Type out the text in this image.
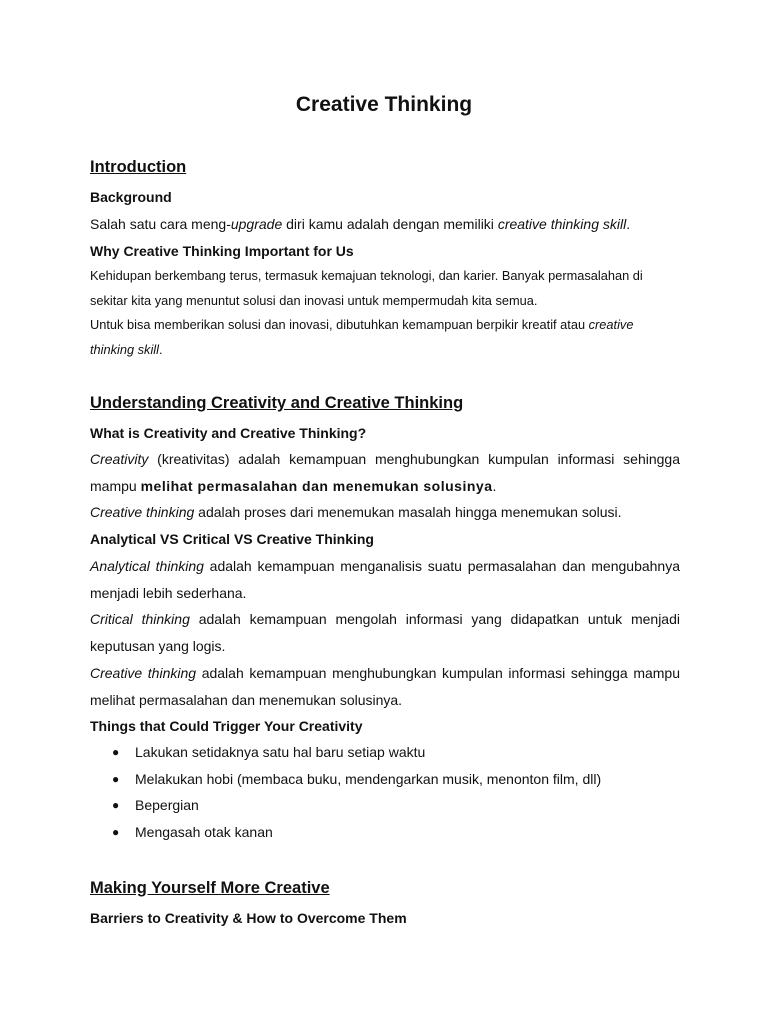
Creative Thinking
Introduction
Background

Salah satu cara meng-upgrade diri kamu adalah dengan memiliki creative thinking skill.

Why Creative Thinking Important for Us

Kehidupan berkembang terus, termasuk kemajuan teknologi, dan karier. Banyak permasalahan di sekitar kita yang menuntut solusi dan inovasi untuk mempermudah kita semua.

Untuk bisa memberikan solusi dan inovasi, dibutuhkan kemampuan berpikir kreatif atau creative thinking skill.

Understanding Creativity and Creative Thinking
What is Creativity and Creative Thinking?

Creativity (kreativitas) adalah kemampuan menghubungkan kumpulan informasi sehingga mampu melihat permasalahan dan menemukan solusinya.

Creative thinking adalah proses dari menemukan masalah hingga menemukan solusi.

Analytical VS Critical VS Creative Thinking

Analytical thinking adalah kemampuan menganalisis suatu permasalahan dan mengubahnya menjadi lebih sederhana.

Critical thinking adalah kemampuan mengolah informasi yang didapatkan untuk menjadi keputusan yang logis.

Creative thinking adalah kemampuan menghubungkan kumpulan informasi sehingga mampu melihat permasalahan dan menemukan solusinya.

Things that Could Trigger Your Creativity
● Lakukan setidaknya satu hal baru setiap waktu
● Melakukan hobi (membaca buku, mendengarkan musik, menonton film, dll)
● Bepergian
● Mengasah otak kanan
Making Yourself More Creative
Barriers to Creativity & How to Overcome Them
